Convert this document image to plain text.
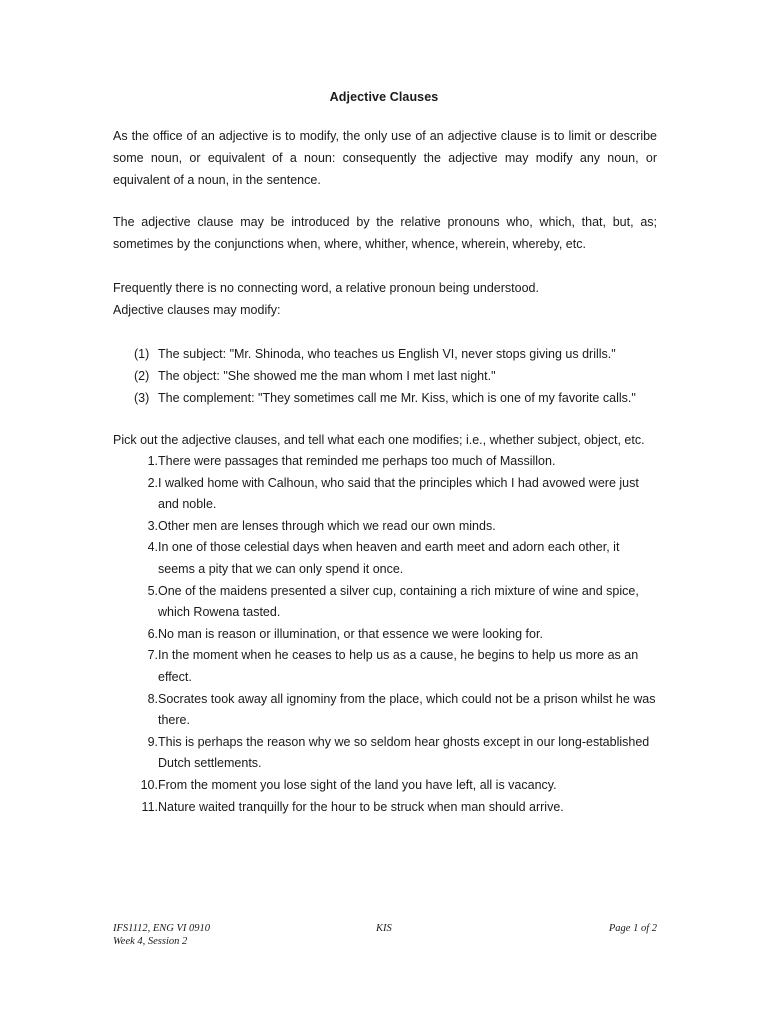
Adjective Clauses
As the office of an adjective is to modify, the only use of an adjective clause is to limit or describe some noun, or equivalent of a noun: consequently the adjective may modify any noun, or equivalent of a noun, in the sentence.
The adjective clause may be introduced by the relative pronouns who, which, that, but, as; sometimes by the conjunctions when, where, whither, whence, wherein, whereby, etc.
Frequently there is no connecting word, a relative pronoun being understood.
Adjective clauses may modify:
(1) The subject: "Mr. Shinoda, who teaches us English VI, never stops giving us drills."
(2) The object: "She showed me the man whom I met last night."
(3) The complement: "They sometimes call me Mr. Kiss, which is one of my favorite calls."
Pick out the adjective clauses, and tell what each one modifies; i.e., whether subject, object, etc.
1. There were passages that reminded me perhaps too much of Massillon.
2. I walked home with Calhoun, who said that the principles which I had avowed were just and noble.
3. Other men are lenses through which we read our own minds.
4. In one of those celestial days when heaven and earth meet and adorn each other, it seems a pity that we can only spend it once.
5. One of the maidens presented a silver cup, containing a rich mixture of wine and spice, which Rowena tasted.
6. No man is reason or illumination, or that essence we were looking for.
7. In the moment when he ceases to help us as a cause, he begins to help us more as an effect.
8. Socrates took away all ignominy from the place, which could not be a prison whilst he was there.
9. This is perhaps the reason why we so seldom hear ghosts except in our long-established Dutch settlements.
10. From the moment you lose sight of the land you have left, all is vacancy.
11. Nature waited tranquilly for the hour to be struck when man should arrive.
IFS1112, ENG VI 0910
Week 4, Session 2
KIS	Page 1 of 2
